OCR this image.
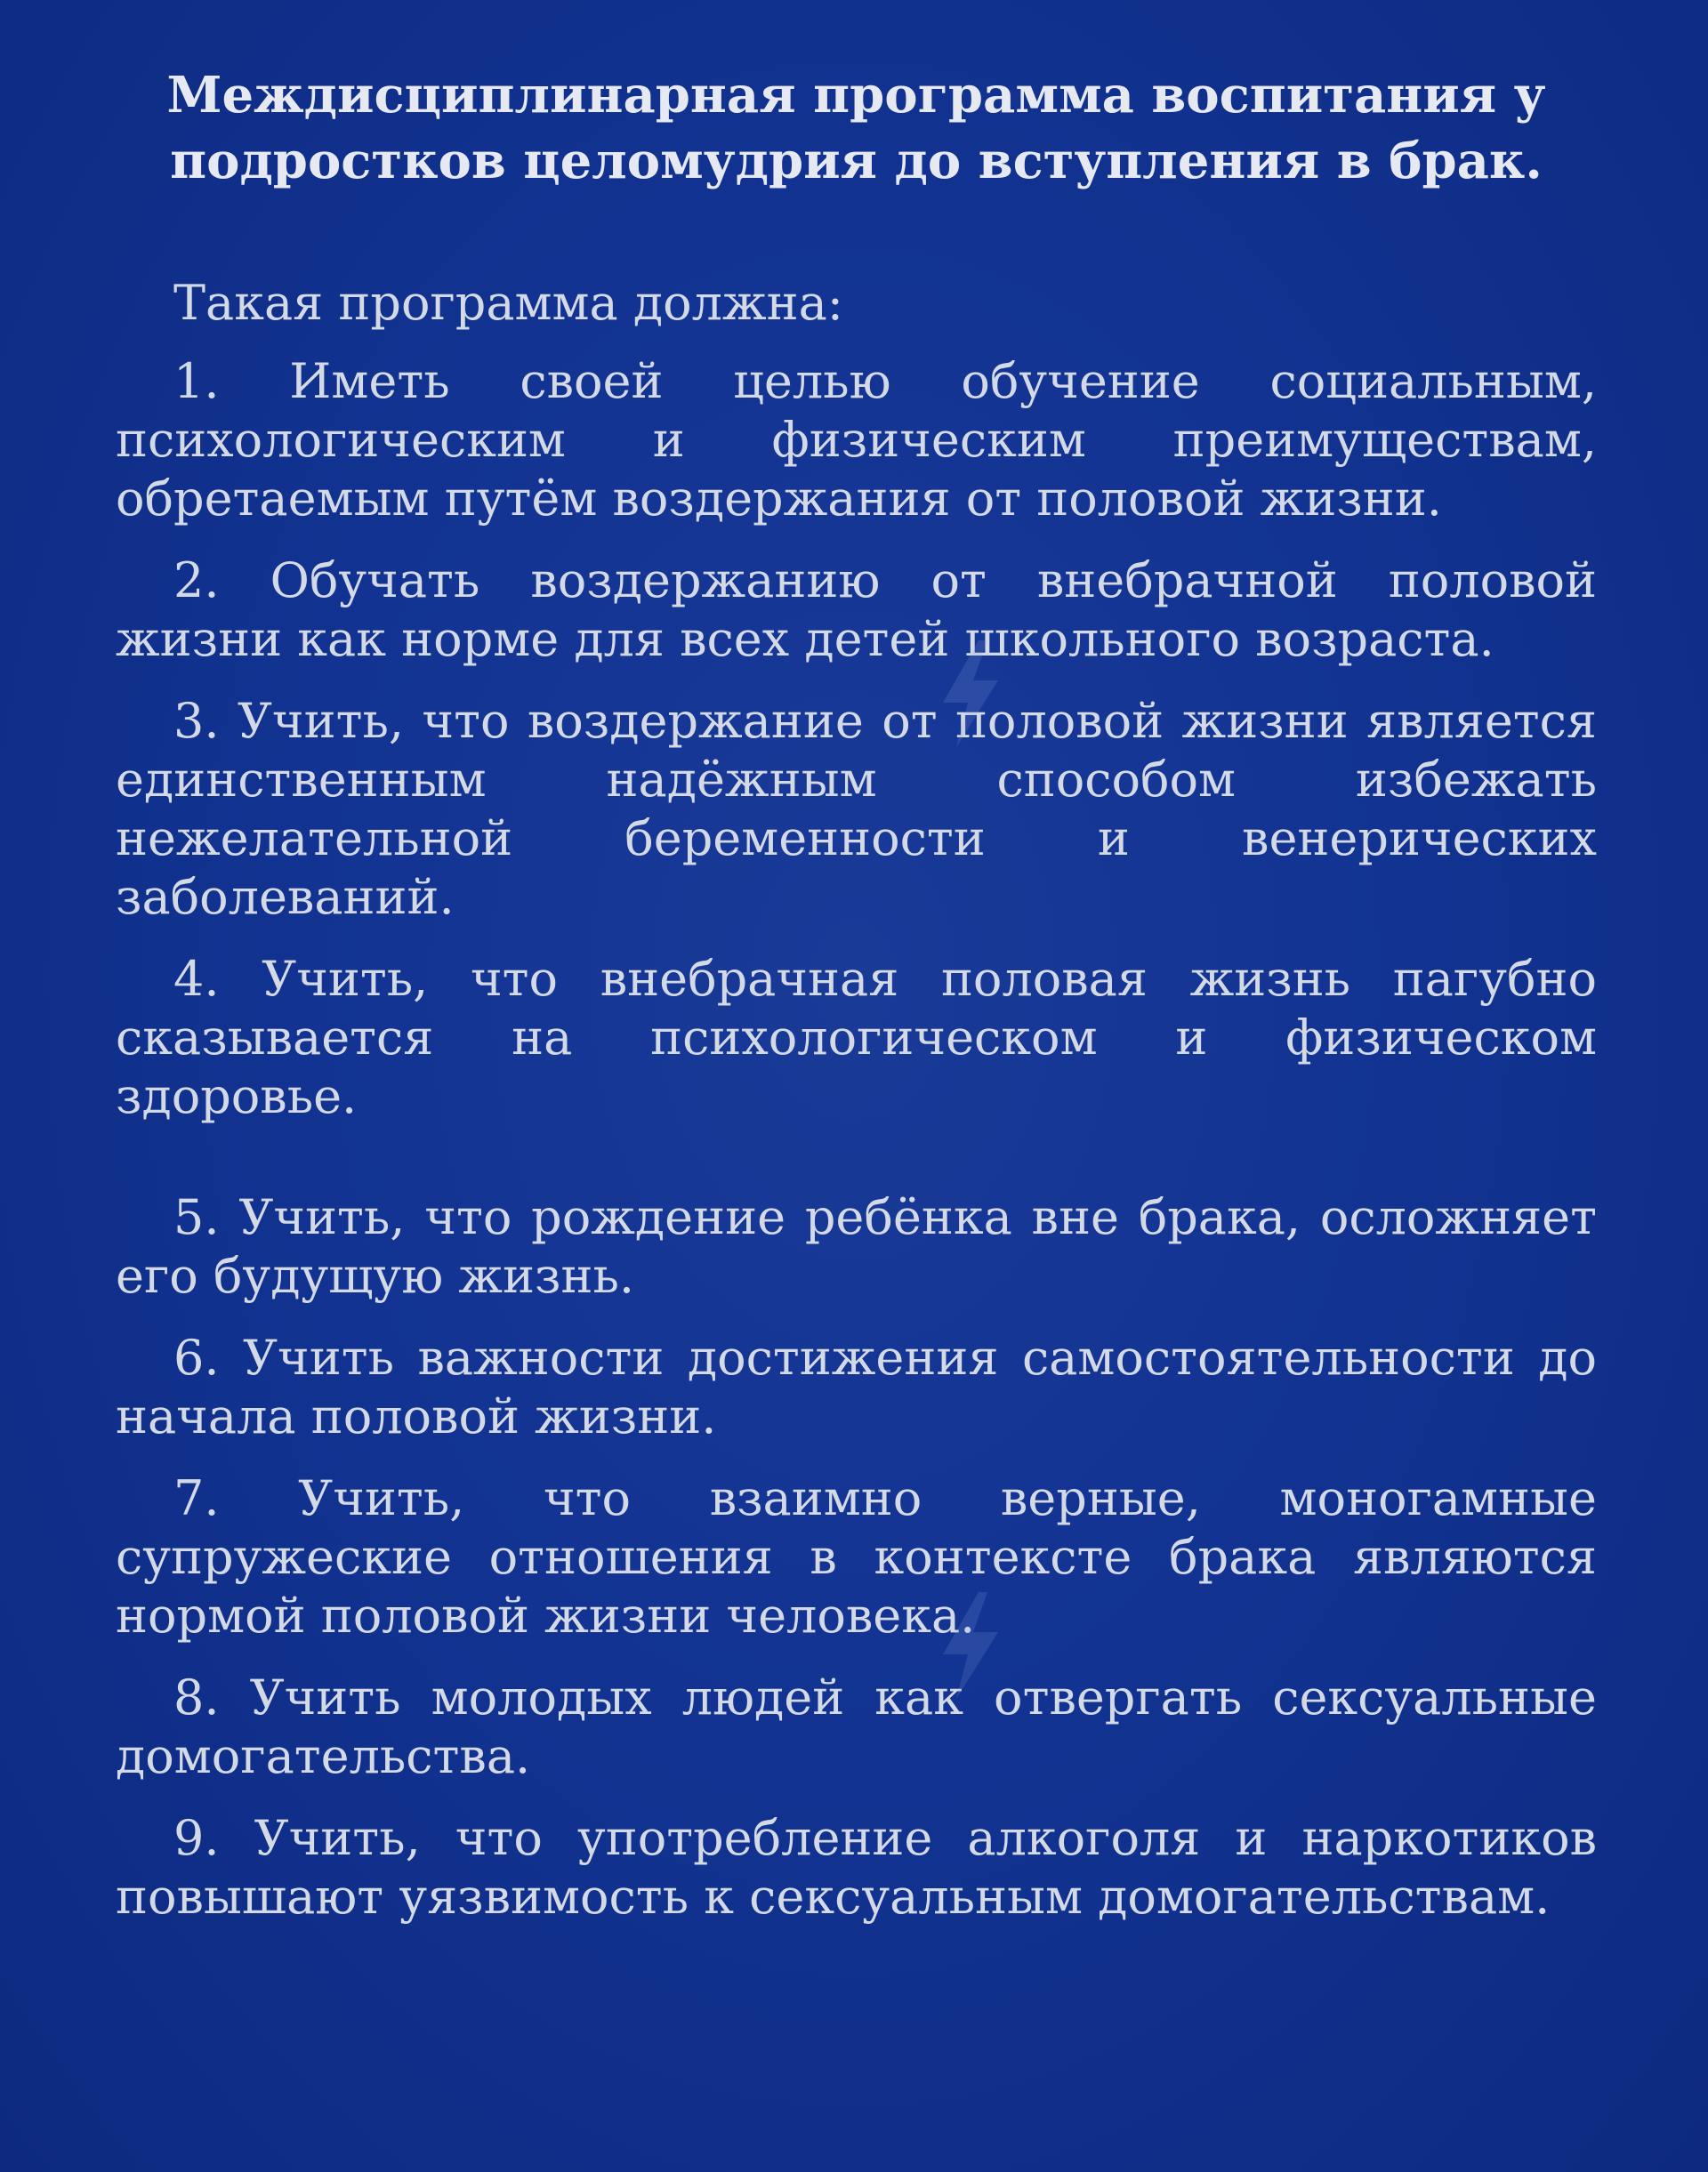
Междисциплинарная программа воспитания у подростков целомудрия до вступления в брак.

Такая программа должна:

1. Иметь своей целью обучение социальным, психологическим и физическим преимуществам, обретаемым путём воздержания от половой жизни.

2. Обучать воздержанию от внебрачной половой жизни как норме для всех детей школьного возраста.

3. Учить, что воздержание от половой жизни является единственным надёжным способом избежать нежелательной беременности и венерических заболеваний.

4. Учить, что внебрачная половая жизнь пагубно сказывается на психологическом и физическом здоровье.

5. Учить, что рождение ребёнка вне брака, осложняет его будущую жизнь.

6. Учить важности достижения самостоятельности до начала половой жизни.

7. Учить, что взаимно верные, моногамные супружеские отношения в контексте брака являются нормой половой жизни человека.

8. Учить молодых людей как отвергать сексуальные домогательства.

9. Учить, что употребление алкоголя и наркотиков повышают уязвимость к сексуальным домогательствам.
